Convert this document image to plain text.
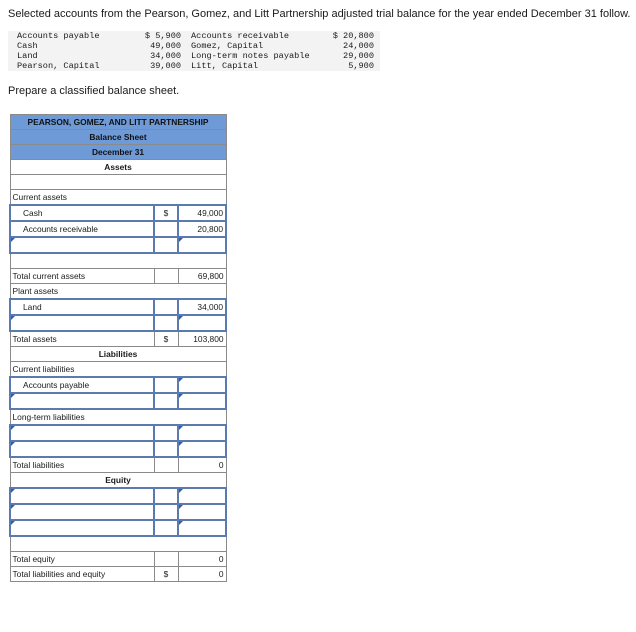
Selected accounts from the Pearson, Gomez, and Litt Partnership adjusted trial balance for the year ended December 31 follow.
Accounts payable	$ 5,900	Accounts receivable	$ 20,800
Cash	49,000	Gomez, Capital	24,000
Land	34,000	Long-term notes payable	29,000
Pearson, Capital	39,000	Litt, Capital	5,900
Prepare a classified balance sheet.
PEARSON, GOMEZ, AND LITT PARTNERSHIP		
Balance Sheet		
December 31		
Assets		

Current assets		
Cash	$	49,000
Accounts receivable		20,800

Total current assets		69,800
Plant assets		
Land		34,000

Total assets	$	103,800
Liabilities		
Current liabilities		
Accounts payable		

Long-term liabilities		

Total liabilities		0
Equity		

Total equity		0
Total liabilities and equity	$	0
